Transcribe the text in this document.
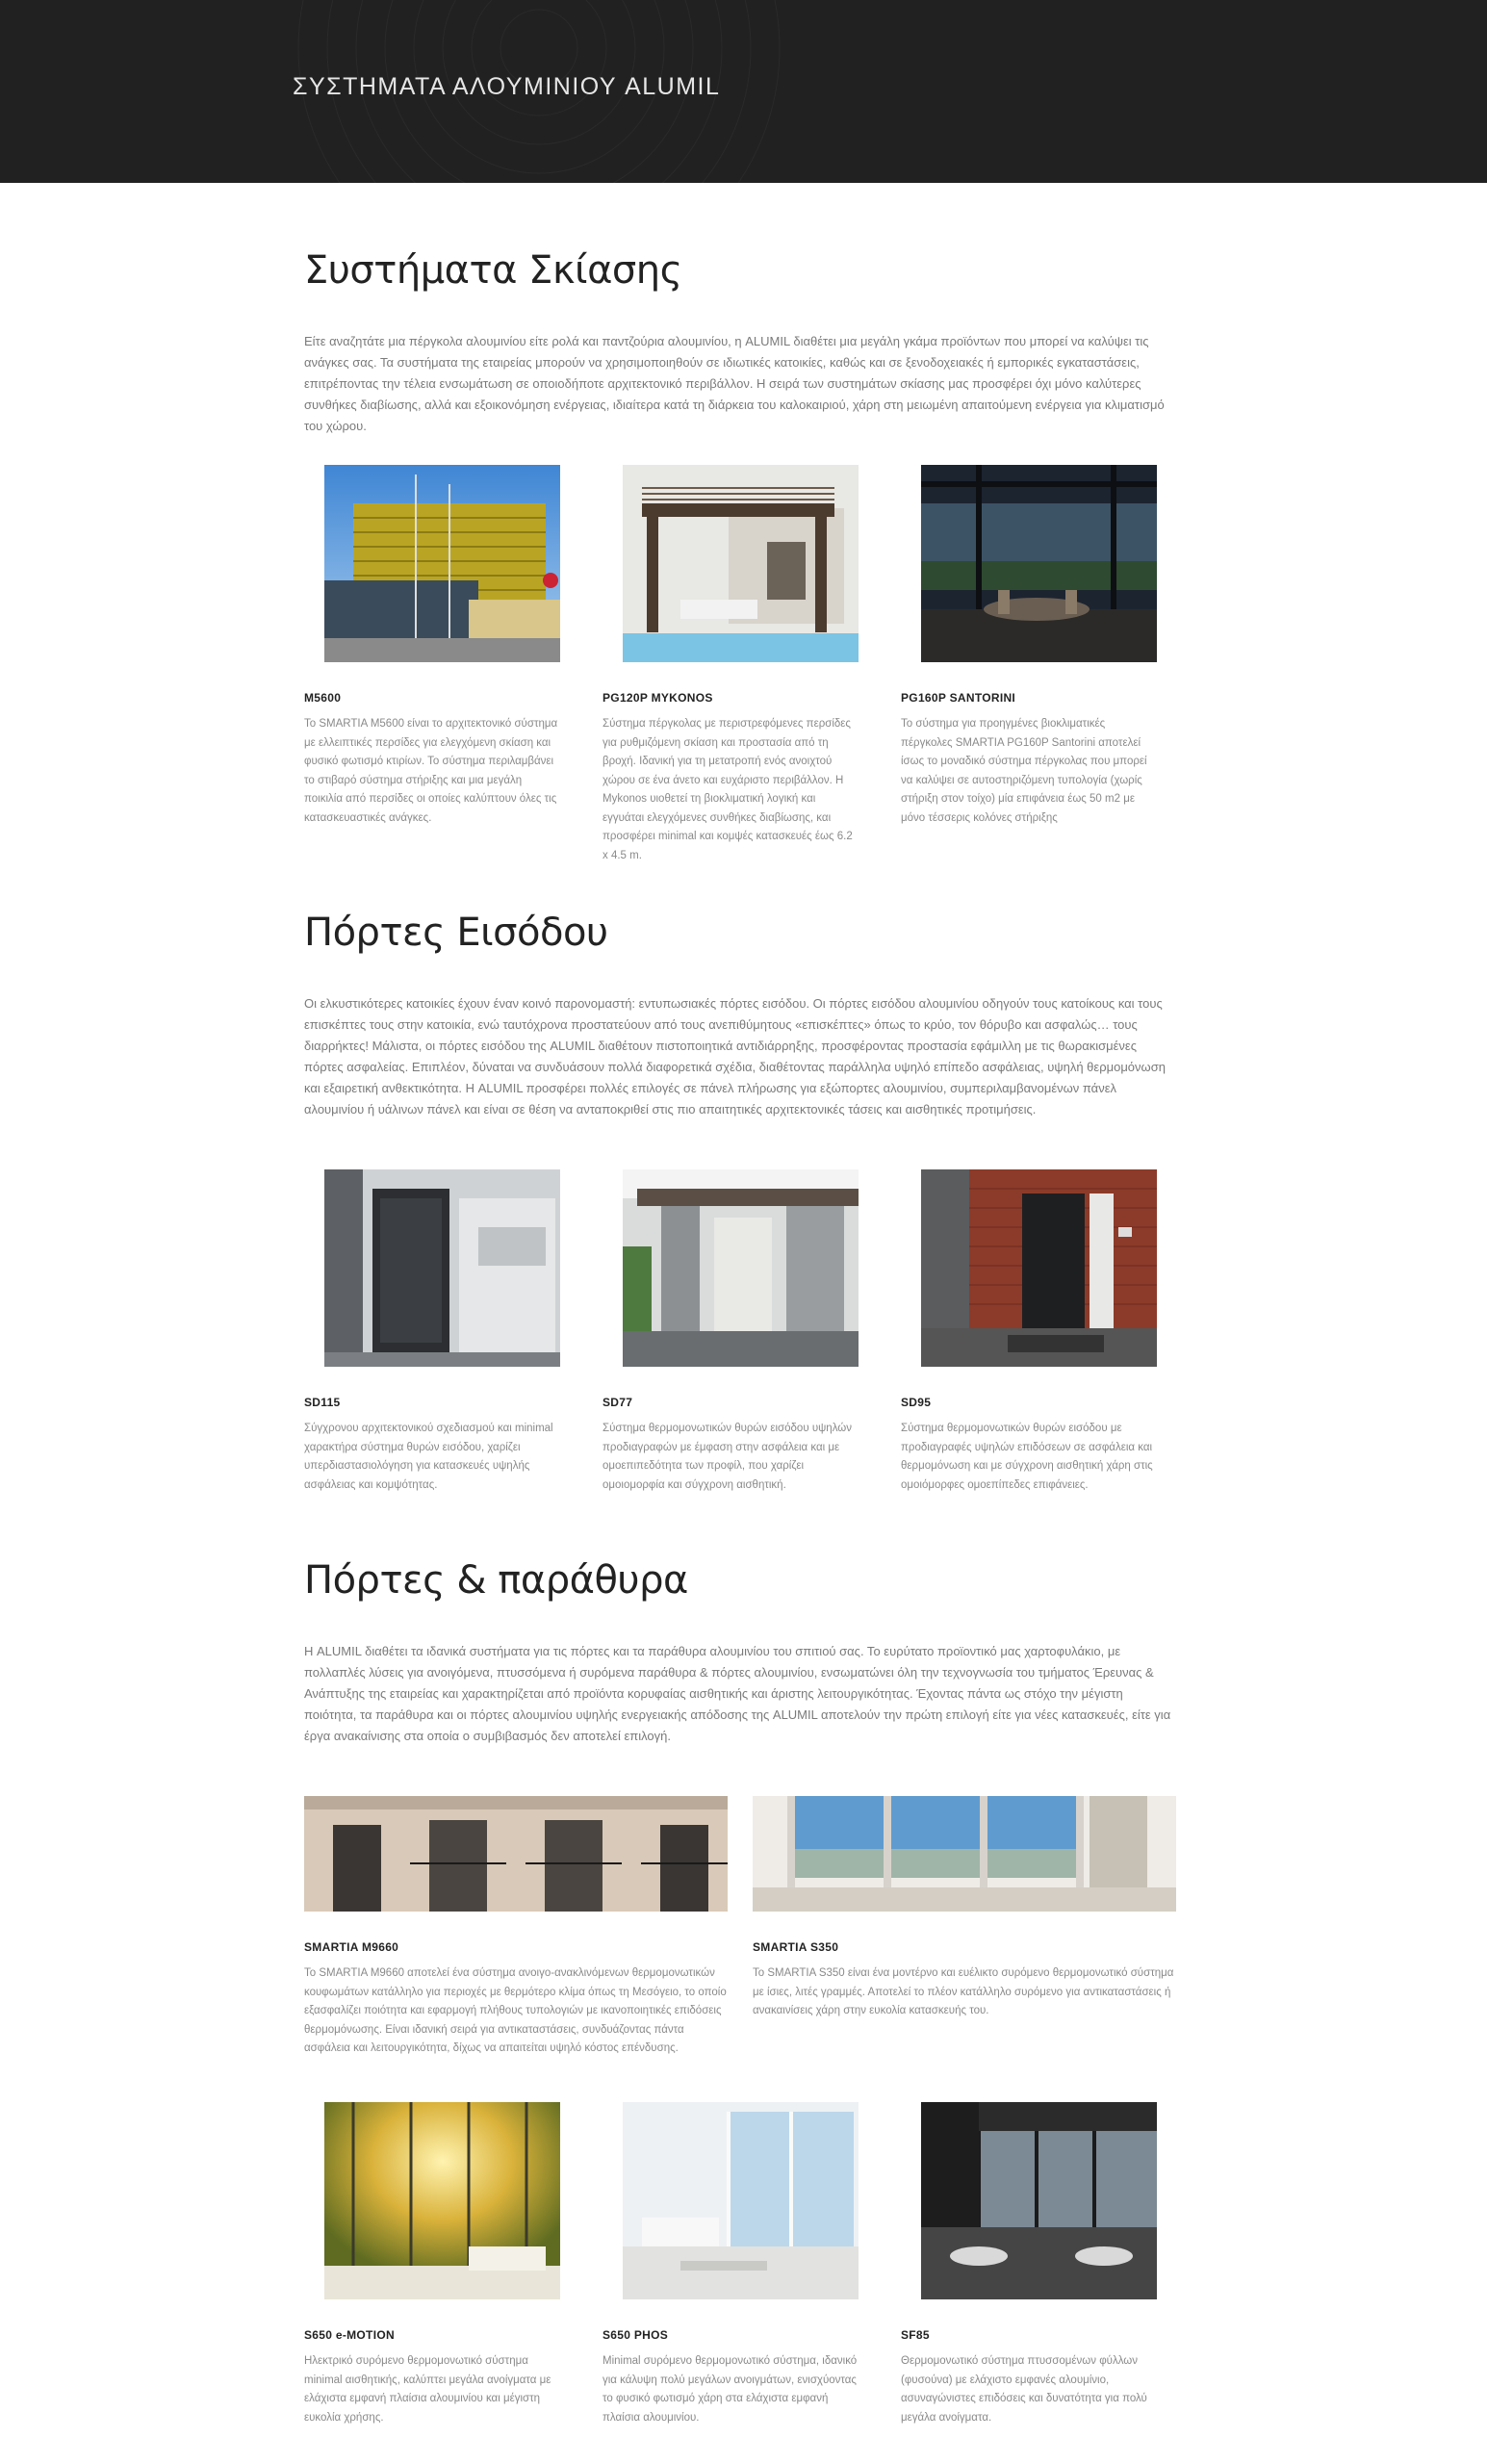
ΣΥΣΤΗΜΑΤΑ ΑΛΟΥΜΙΝΙΟΥ ALUMIL
Συστήματα Σκίασης

Είτε αναζητάτε μια πέργκολα αλουμινίου είτε ρολά και παντζούρια αλουμινίου, η ALUMIL διαθέτει μια μεγάλη γκάμα προϊόντων που μπορεί να καλύψει τις ανάγκες σας. Τα συστήματα της εταιρείας μπορούν να χρησιμοποιηθούν σε ιδιωτικές κατοικίες, καθώς και σε ξενοδοχειακές ή εμπορικές εγκαταστάσεις, επιτρέποντας την τέλεια ενσωμάτωση σε οποιοδήποτε αρχιτεκτονικό περιβάλλον. Η σειρά των συστημάτων σκίασης μας προσφέρει όχι μόνο καλύτερες συνθήκες διαβίωσης, αλλά και εξοικονόμηση ενέργειας, ιδιαίτερα κατά τη διάρκεια του καλοκαιριού, χάρη στη μειωμένη απαιτούμενη ενέργεια για κλιματισμό του χώρου.

M5600
Το SMARTIA M5600 είναι το αρχιτεκτονικό σύστημα με ελλειπτικές περσίδες για ελεγχόμενη σκίαση και φυσικό φωτισμό κτιρίων. Το σύστημα περιλαμβάνει το στιβαρό σύστημα στήριξης και μια μεγάλη ποικιλία από περσίδες οι οποίες καλύπτουν όλες τις κατασκευαστικές ανάγκες.
PG120P MYKONOS
Σύστημα πέργκολας με περιστρεφόμενες περσίδες για ρυθμιζόμενη σκίαση και προστασία από τη βροχή. Ιδανική για τη μετατροπή ενός ανοιχτού χώρου σε ένα άνετο και ευχάριστο περιβάλλον. Η Mykonos υιοθετεί τη βιοκλιματική λογική και εγγυάται ελεγχόμενες συνθήκες διαβίωσης, και προσφέρει minimal και κομψές κατασκευές έως 6.2 x 4.5 m.
PG160P SANTORINI
Το σύστημα για προηγμένες βιοκλιματικές πέργκολες SMARTIA PG160P Santorini αποτελεί ίσως το μοναδικό σύστημα πέργκολας που μπορεί να καλύψει σε αυτοστηριζόμενη τυπολογία (χωρίς στήριξη στον τοίχο) μία επιφάνεια έως 50 m2 με μόνο τέσσερις κολόνες στήριξης
Πόρτες Εισόδου

Οι ελκυστικότερες κατοικίες έχουν έναν κοινό παρονομαστή: εντυπωσιακές πόρτες εισόδου. Οι πόρτες εισόδου αλουμινίου οδηγούν τους κατοίκους και τους επισκέπτες τους στην κατοικία, ενώ ταυτόχρονα προστατεύουν από τους ανεπιθύμητους «επισκέπτες» όπως το κρύο, τον θόρυβο και ασφαλώς… τους διαρρήκτες! Μάλιστα, οι πόρτες εισόδου της ALUMIL διαθέτουν πιστοποιητικά αντιδιάρρηξης, προσφέροντας προστασία εφάμιλλη με τις θωρακισμένες πόρτες ασφαλείας. Επιπλέον, δύναται να συνδυάσουν πολλά διαφορετικά σχέδια, διαθέτοντας παράλληλα υψηλό επίπεδο ασφάλειας, υψηλή θερμομόνωση και εξαιρετική ανθεκτικότητα. Η ALUMIL προσφέρει πολλές επιλογές σε πάνελ πλήρωσης για εξώπορτες αλουμινίου, συμπεριλαμβανομένων πάνελ αλουμινίου ή υάλινων πάνελ και είναι σε θέση να ανταποκριθεί στις πιο απαιτητικές αρχιτεκτονικές τάσεις και αισθητικές προτιμήσεις.

SD115
Σύγχρονου αρχιτεκτονικού σχεδιασμού και minimal χαρακτήρα σύστημα θυρών εισόδου, χαρίζει υπερδιαστασιολόγηση για κατασκευές υψηλής ασφάλειας και κομψότητας.
SD77
Σύστημα θερμομονωτικών θυρών εισόδου υψηλών προδιαγραφών με έμφαση στην ασφάλεια και με ομοεπιπεδότητα των προφίλ, που χαρίζει ομοιομορφία και σύγχρονη αισθητική.
SD95
Σύστημα θερμομονωτικών θυρών εισόδου με προδιαγραφές υψηλών επιδόσεων σε ασφάλεια και θερμομόνωση και με σύγχρονη αισθητική χάρη στις ομοιόμορφες ομοεπίπεδες επιφάνειες.
Πόρτες & παράθυρα

Η ALUMIL διαθέτει τα ιδανικά συστήματα για τις πόρτες και τα παράθυρα αλουμινίου του σπιτιού σας. Το ευρύτατο προϊοντικό μας χαρτοφυλάκιο, με πολλαπλές λύσεις για ανοιγόμενα, πτυσσόμενα ή συρόμενα παράθυρα & πόρτες αλουμινίου, ενσωματώνει όλη την τεχνογνωσία του τμήματος Έρευνας & Ανάπτυξης της εταιρείας και χαρακτηρίζεται από προϊόντα κορυφαίας αισθητικής και άριστης λειτουργικότητας. Έχοντας πάντα ως στόχο την μέγιστη ποιότητα, τα παράθυρα και οι πόρτες αλουμινίου υψηλής ενεργειακής απόδοσης της ALUMIL αποτελούν την πρώτη επιλογή είτε για νέες κατασκευές, είτε για έργα ανακαίνισης στα οποία ο συμβιβασμός δεν αποτελεί επιλογή.

SMARTIA M9660
Το SMARTIA M9660 αποτελεί ένα σύστημα ανοιγο-ανακλινόμενων θερμομονωτικών κουφωμάτων κατάλληλο για περιοχές με θερμότερο κλίμα όπως τη Μεσόγειο, το οποίο εξασφαλίζει ποιότητα και εφαρμογή πλήθους τυπολογιών με ικανοποιητικές επιδόσεις θερμομόνωσης. Είναι ιδανική σειρά για αντικαταστάσεις, συνδυάζοντας πάντα ασφάλεια και λειτουργικότητα, δίχως να απαιτείται υψηλό κόστος επένδυσης.
SMARTIA S350
Το SMARTIA S350 είναι ένα μοντέρνο και ευέλικτο συρόμενο θερμομονωτικό σύστημα με ίσιες, λιτές γραμμές. Αποτελεί το πλέον κατάλληλο συρόμενο για αντικαταστάσεις ή ανακαινίσεις χάρη στην ευκολία κατασκευής του.
S650 e-MOTION
Ηλεκτρικό συρόμενο θερμομονωτικό σύστημα minimal αισθητικής, καλύπτει μεγάλα ανοίγματα με ελάχιστα εμφανή πλαίσια αλουμινίου και μέγιστη ευκολία χρήσης.
S650 PHOS
Minimal συρόμενο θερμομονωτικό σύστημα, ιδανικό για κάλυψη πολύ μεγάλων ανοιγμάτων, ενισχύοντας το φυσικό φωτισμό χάρη στα ελάχιστα εμφανή πλαίσια αλουμινίου.
SF85
Θερμομονωτικό σύστημα πτυσσομένων φύλλων (φυσούνα) με ελάχιστο εμφανές αλουμίνιο, ασυναγώνιστες επιδόσεις και δυνατότητα για πολύ μεγάλα ανοίγματα.
